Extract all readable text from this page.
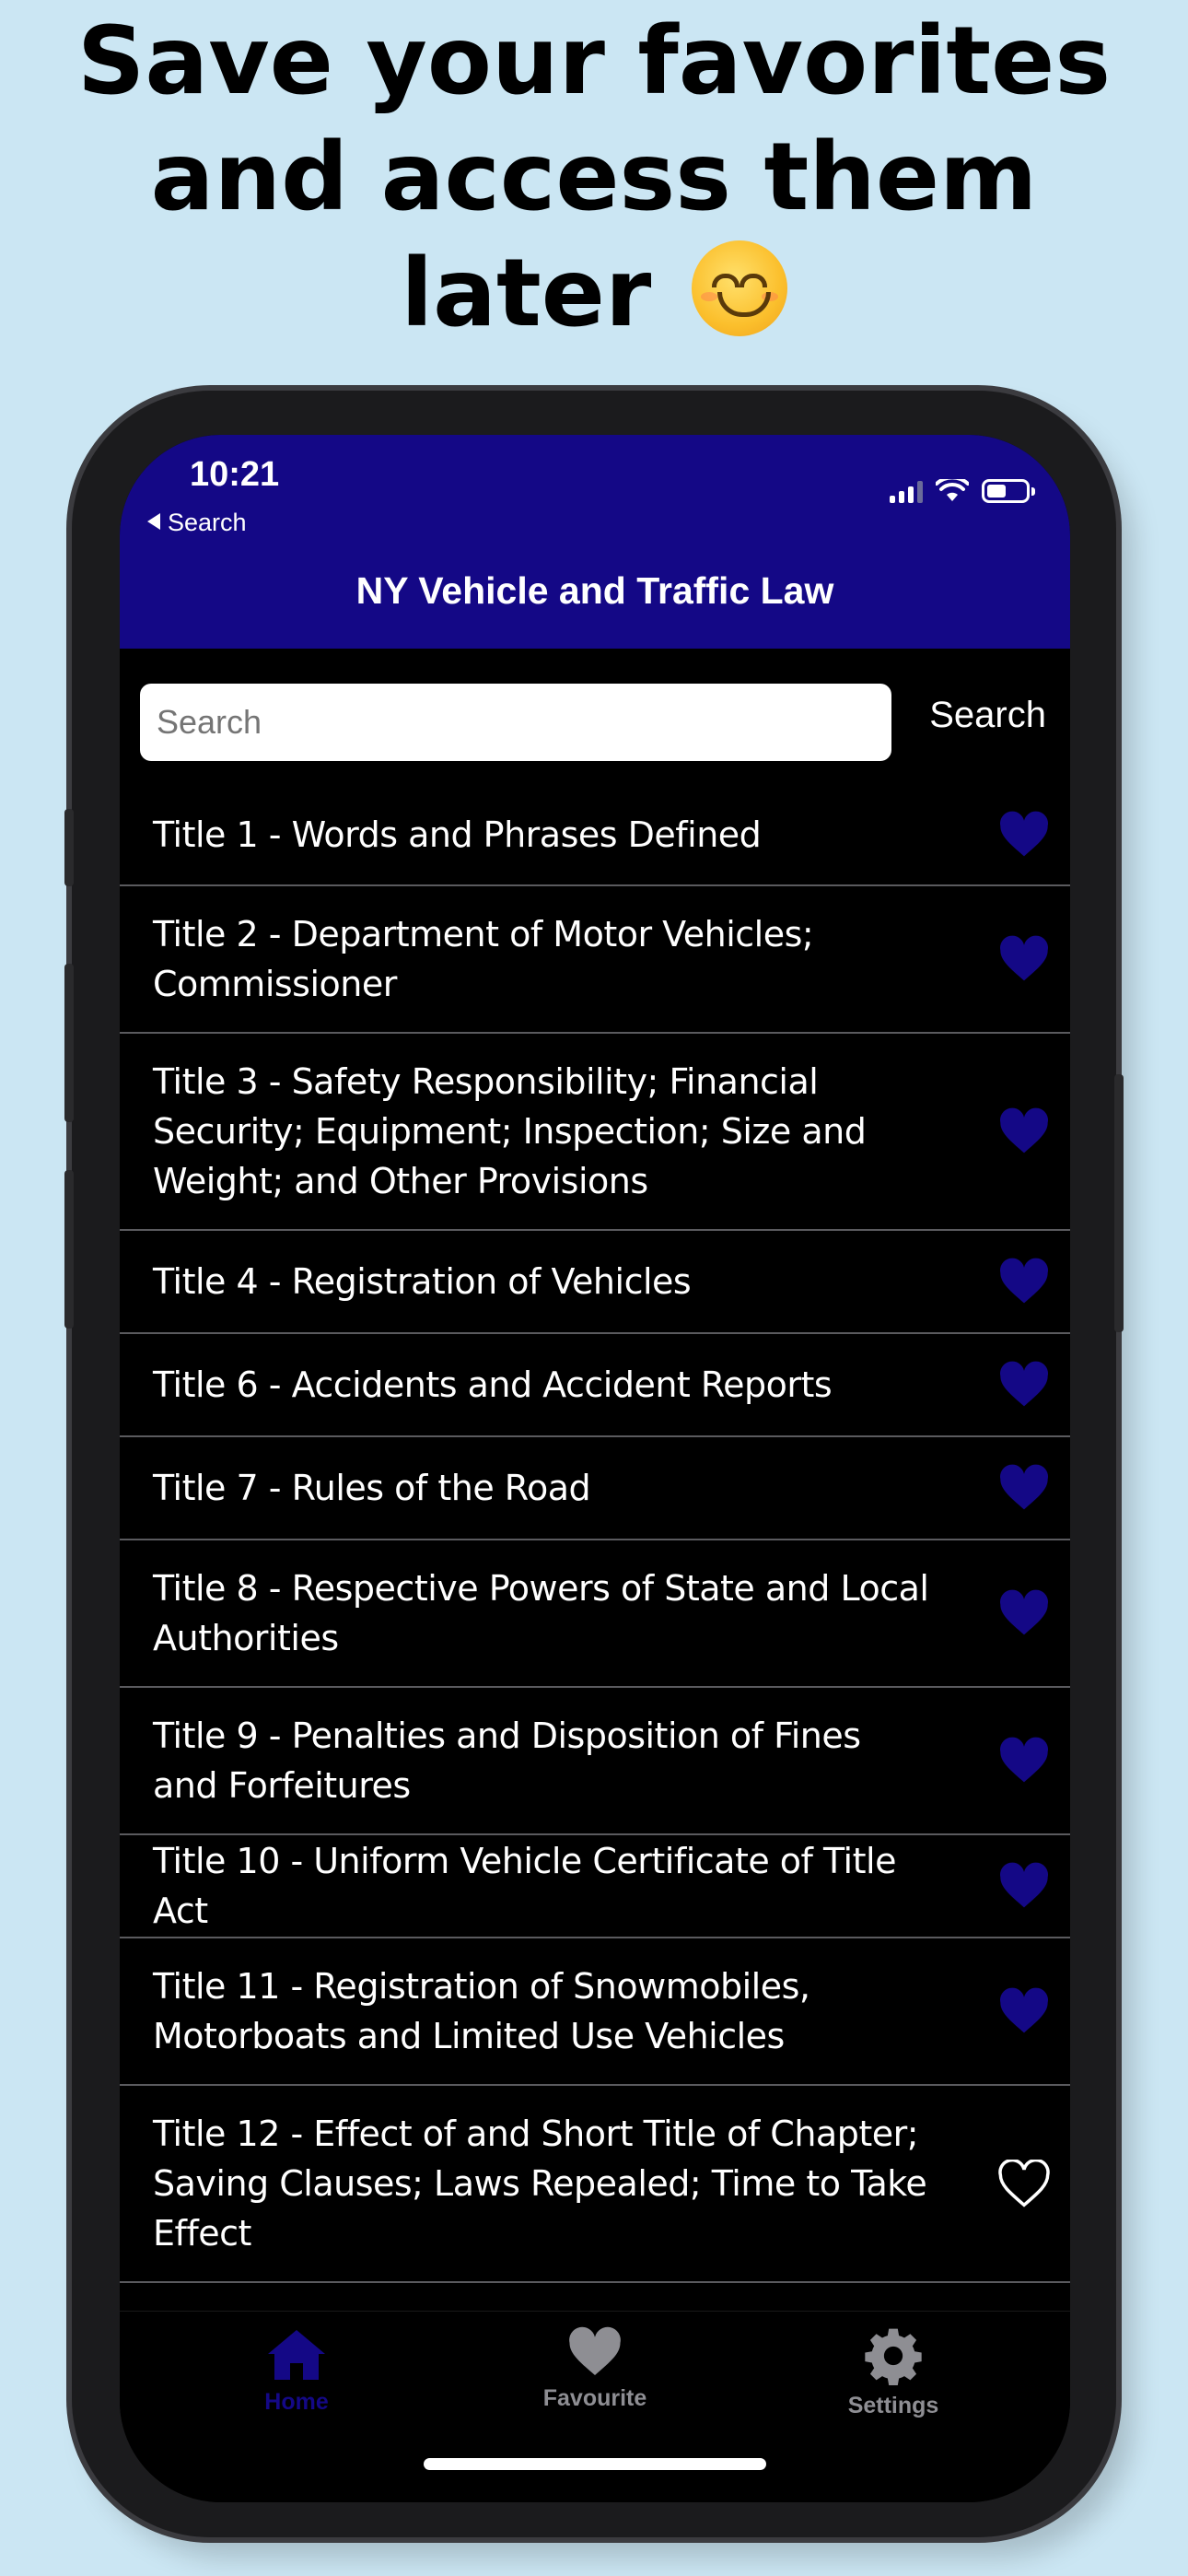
Save your favorites
and access them
later
10:21
Search
NY Vehicle and Traffic Law
Search
Search
Title 1 - Words and Phrases Defined
Title 2 - Department of Motor Vehicles; Commissioner
Title 3 - Safety Responsibility; Financial Security; Equipment; Inspection; Size and Weight; and Other Provisions
Title 4 - Registration of Vehicles
Title 6 - Accidents and Accident Reports
Title 7 - Rules of the Road
Title 8 - Respective Powers of State and Local Authorities
Title 9 - Penalties and Disposition of Fines and Forfeitures
Title 10 - Uniform Vehicle Certificate of Title Act
Title 11 - Registration of Snowmobiles, Motorboats and Limited Use Vehicles
Title 12 - Effect of and Short Title of Chapter; Saving Clauses; Laws Repealed; Time to Take Effect
Home	Favourite	Settings
